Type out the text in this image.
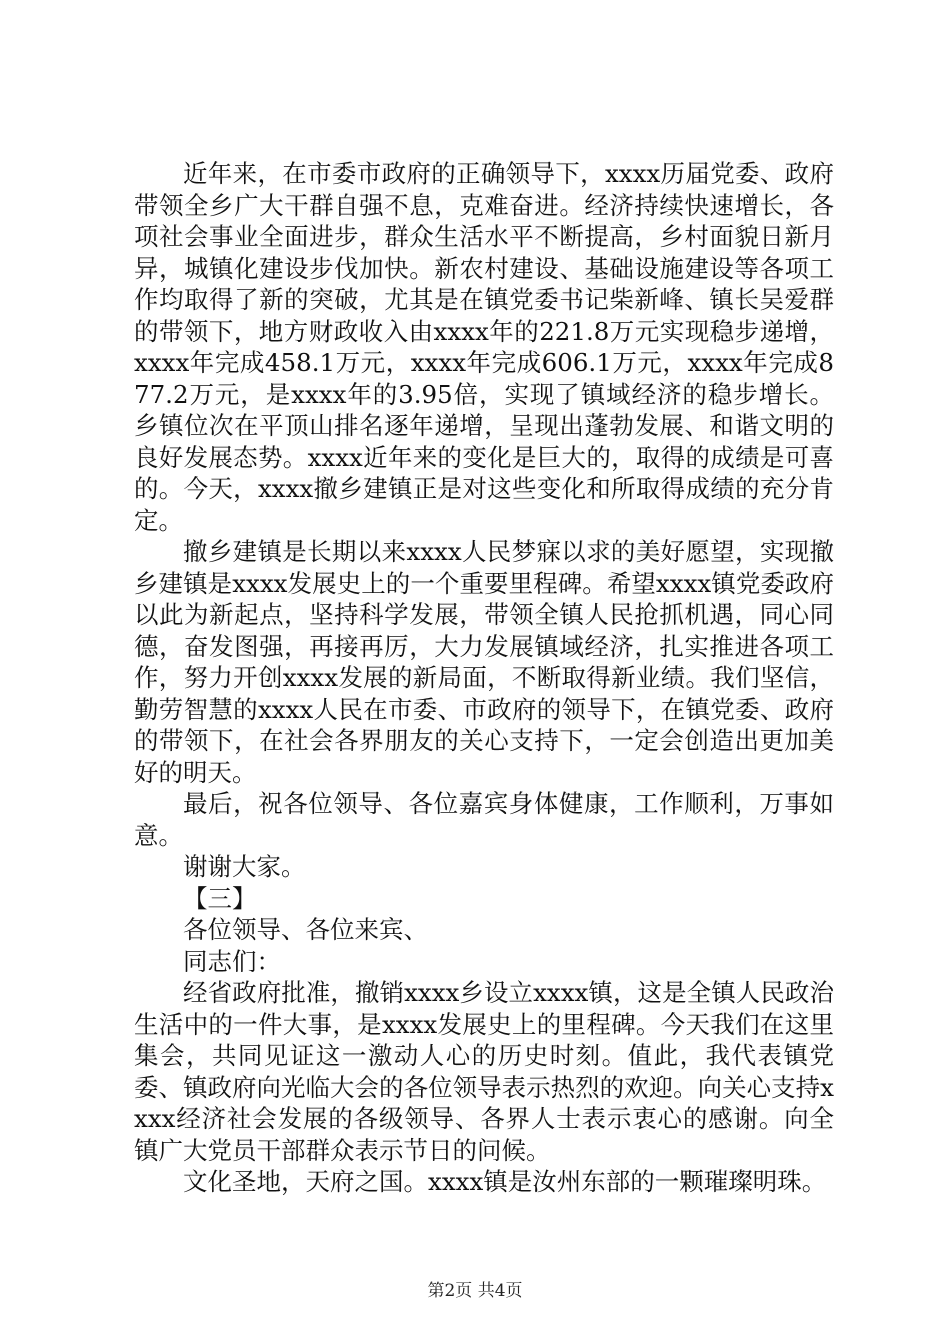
近年来，在市委市政府的正确领导下，xxxx历届党委、政府带领全乡广大干群自强不息，克难奋进。经济持续快速增长，各项社会事业全面进步，群众生活水平不断提高，乡村面貌日新月异，城镇化建设步伐加快。新农村建设、基础设施建设等各项工作均取得了新的突破，尤其是在镇党委书记柴新峰、镇长吴爱群的带领下，地方财政收入由xxxx年的221.8万元实现稳步递增，xxxx年完成458.1万元，xxxx年完成606.1万元，xxxx年完成877.2万元，是xxxx年的3.95倍，实现了镇域经济的稳步增长。乡镇位次在平顶山排名逐年递增，呈现出蓬勃发展、和谐文明的良好发展态势。xxxx近年来的变化是巨大的，取得的成绩是可喜的。今天，xxxx撤乡建镇正是对这些变化和所取得成绩的充分肯定。

撤乡建镇是长期以来xxxx人民梦寐以求的美好愿望，实现撤乡建镇是xxxx发展史上的一个重要里程碑。希望xxxx镇党委政府以此为新起点，坚持科学发展，带领全镇人民抢抓机遇，同心同德，奋发图强，再接再厉，大力发展镇域经济，扎实推进各项工作，努力开创xxxx发展的新局面，不断取得新业绩。我们坚信，勤劳智慧的xxxx人民在市委、市政府的领导下，在镇党委、政府的带领下，在社会各界朋友的关心支持下，一定会创造出更加美好的明天。

最后，祝各位领导、各位嘉宾身体健康，工作顺利，万事如意。

谢谢大家。

【三】

各位领导、各位来宾、

同志们：

经省政府批准，撤销xxxx乡设立xxxx镇，这是全镇人民政治生活中的一件大事，是xxxx发展史上的里程碑。今天我们在这里集会，共同见证这一激动人心的历史时刻。值此，我代表镇党委、镇政府向光临大会的各位领导表示热烈的欢迎。向关心支持xxxx经济社会发展的各级领导、各界人士表示衷心的感谢。向全镇广大党员干部群众表示节日的问候。

文化圣地，天府之国。xxxx镇是汝州东部的一颗璀璨明珠。

第2页 共4页
